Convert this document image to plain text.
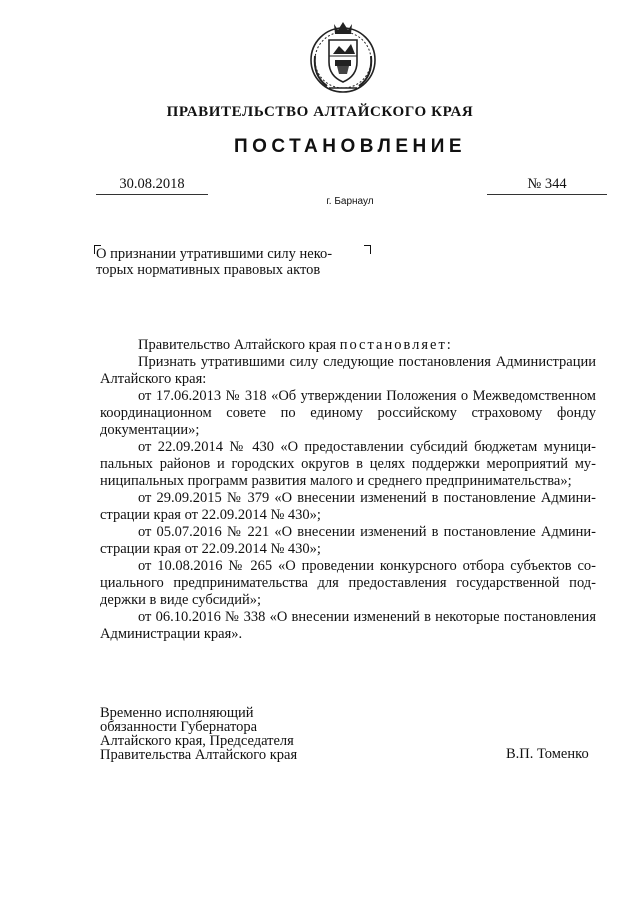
ПРАВИТЕЛЬСТВО АЛТАЙСКОГО КРАЯ
ПОСТАНОВЛЕНИЕ
30.08.2018	№ 344
г. Барнаул
О признании утратившими силу неко-
торых нормативных правовых актов

Правительство Алтайского края постановляет:

Признать утратившими силу следующие постановления Администрации Алтайского края:

от 17.06.2013 № 318 «Об утверждении Положения о Межведомственном координационном совете по единому российскому страховому фонду документации»;

от 22.09.2014 № 430 «О предоставлении субсидий бюджетам муниципальных районов и городских округов в целях поддержки мероприятий муниципальных программ развития малого и среднего предпринимательства»;

от 29.09.2015 № 379 «О внесении изменений в постановление Администрации края от 22.09.2014 № 430»;

от 05.07.2016 № 221 «О внесении изменений в постановление Администрации края от 22.09.2014 № 430»;

от 10.08.2016 № 265 «О проведении конкурсного отбора субъектов социального предпринимательства для предоставления государственной поддержки в виде субсидий»;

от 06.10.2016 № 338 «О внесении изменений в некоторые постановления Администрации края».

Временно исполняющий
обязанности Губернатора
Алтайского края, Председателя
Правительства Алтайского края	В.П. Томенко
